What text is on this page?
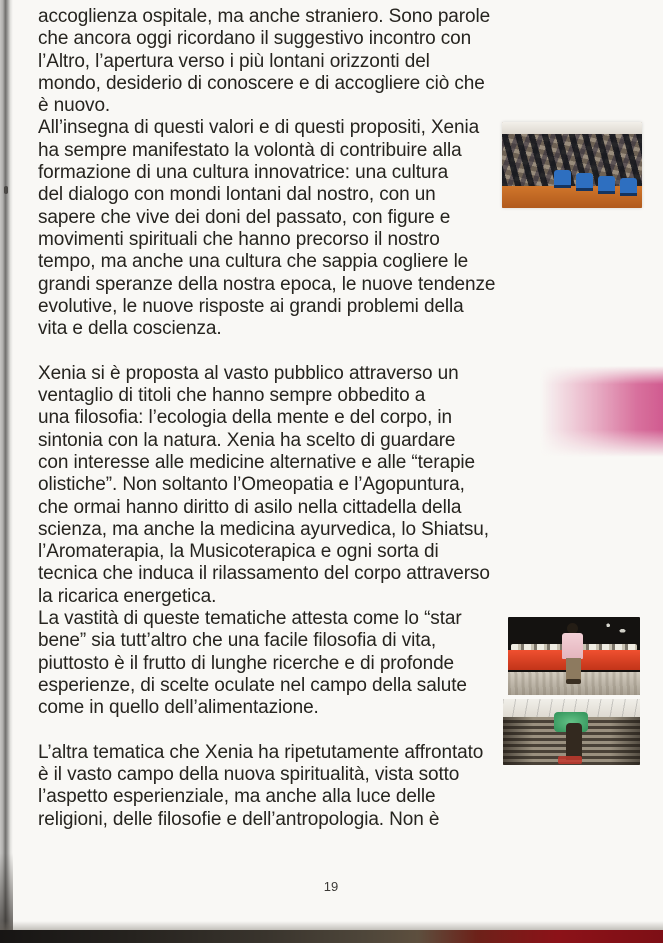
accoglienza ospitale, ma anche straniero. Sono parole
che ancora oggi ricordano il suggestivo incontro con
l’Altro, l’apertura verso i più lontani orizzonti del
mondo, desiderio di conoscere e di accogliere ciò che
è nuovo.
All’insegna di questi valori e di questi propositi, Xenia
ha sempre manifestato la volontà di contribuire alla
formazione di una cultura innovatrice: una cultura
del dialogo con mondi lontani dal nostro, con un
sapere che vive dei doni del passato, con figure e
movimenti spirituali che hanno precorso il nostro
tempo, ma anche una cultura che sappia cogliere le
grandi speranze della nostra epoca, le nuove tendenze
evolutive, le nuove risposte ai grandi problemi della
vita e della coscienza.
Xenia si è proposta al vasto pubblico attraverso un
ventaglio di titoli che hanno sempre obbedito a
una filosofia: l’ecologia della mente e del corpo, in
sintonia con la natura. Xenia ha scelto di guardare
con interesse alle medicine alternative e alle “terapie
olistiche”. Non soltanto l’Omeopatia e l’Agopuntura,
che ormai hanno diritto di asilo nella cittadella della
scienza, ma anche la medicina ayurvedica, lo Shiatsu,
l’Aromaterapia, la Musicoterapica e ogni sorta di
tecnica che induca il rilassamento del corpo attraverso
la ricarica energetica.
La vastità di queste tematiche attesta come lo “star
bene” sia tutt’altro che una facile filosofia di vita,
piuttosto è il frutto di lunghe ricerche e di profonde
esperienze, di scelte oculate nel campo della salute
come in quello dell’alimentazione.
L’altra tematica che Xenia ha ripetutamente affrontato
è il vasto campo della nuova spiritualità, vista sotto
l’aspetto esperienziale, ma anche alla luce delle
religioni, delle filosofie e dell’antropologia. Non è
19
